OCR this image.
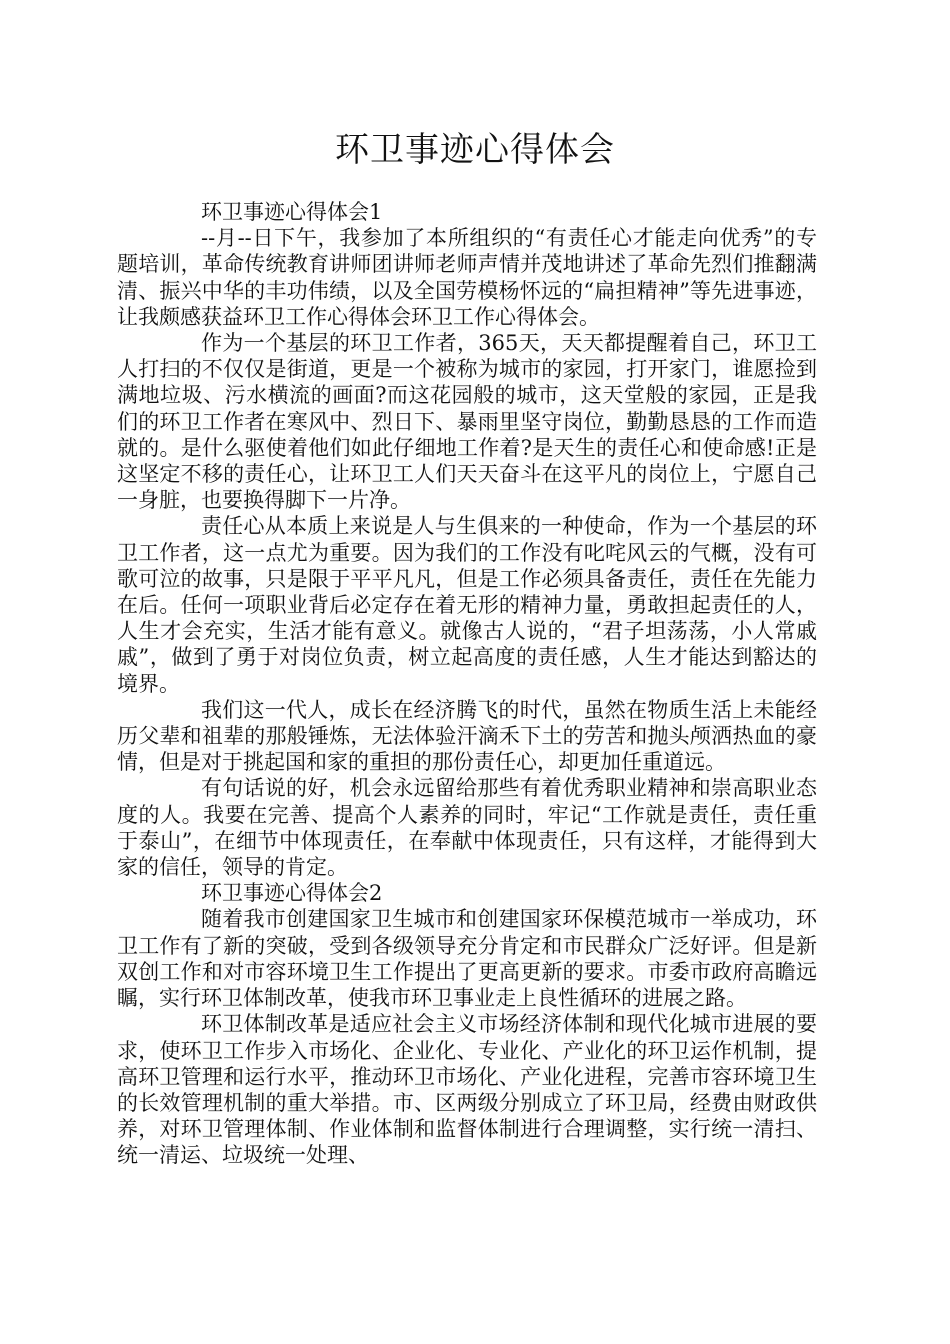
环卫事迹心得体会

环卫事迹心得体会1

--月--日下午，我参加了本所组织的“有责任心才能走向优秀”的专题培训，革命传统教育讲师团讲师老师声情并茂地讲述了革命先烈们推翻满清、振兴中华的丰功伟绩，以及全国劳模杨怀远的“扁担精神”等先进事迹，让我颇感获益环卫工作心得体会环卫工作心得体会。

作为一个基层的环卫工作者，365天，天天都提醒着自己，环卫工人打扫的不仅仅是街道，更是一个被称为城市的家园，打开家门，谁愿捡到满地垃圾、污水横流的画面?而这花园般的城市，这天堂般的家园，正是我们的环卫工作者在寒风中、烈日下、暴雨里坚守岗位，勤勤恳恳的工作而造就的。是什么驱使着他们如此仔细地工作着?是天生的责任心和使命感!正是这坚定不移的责任心，让环卫工人们天天奋斗在这平凡的岗位上，宁愿自己一身脏，也要换得脚下一片净。

责任心从本质上来说是人与生俱来的一种使命，作为一个基层的环卫工作者，这一点尤为重要。因为我们的工作没有叱咤风云的气概，没有可歌可泣的故事，只是限于平平凡凡，但是工作必须具备责任，责任在先能力在后。任何一项职业背后必定存在着无形的精神力量，勇敢担起责任的人，人生才会充实，生活才能有意义。就像古人说的，“君子坦荡荡，小人常戚戚”，做到了勇于对岗位负责，树立起高度的责任感，人生才能达到豁达的境界。

我们这一代人，成长在经济腾飞的时代，虽然在物质生活上未能经历父辈和祖辈的那般锤炼，无法体验汗滴禾下土的劳苦和抛头颅洒热血的豪情，但是对于挑起国和家的重担的那份责任心，却更加任重道远。

有句话说的好，机会永远留给那些有着优秀职业精神和崇高职业态度的人。我要在完善、提高个人素养的同时，牢记“工作就是责任，责任重于泰山”，在细节中体现责任，在奉献中体现责任，只有这样，才能得到大家的信任，领导的肯定。

环卫事迹心得体会2

随着我市创建国家卫生城市和创建国家环保模范城市一举成功，环卫工作有了新的突破，受到各级领导充分肯定和市民群众广泛好评。但是新双创工作和对市容环境卫生工作提出了更高更新的要求。市委市政府高瞻远瞩，实行环卫体制改革，使我市环卫事业走上良性循环的进展之路。

环卫体制改革是适应社会主义市场经济体制和现代化城市进展的要求，使环卫工作步入市场化、企业化、专业化、产业化的环卫运作机制，提高环卫管理和运行水平，推动环卫市场化、产业化进程，完善市容环境卫生的长效管理机制的重大举措。市、区两级分别成立了环卫局，经费由财政供养，对环卫管理体制、作业体制和监督体制进行合理调整，实行统一清扫、统一清运、垃圾统一处理、
